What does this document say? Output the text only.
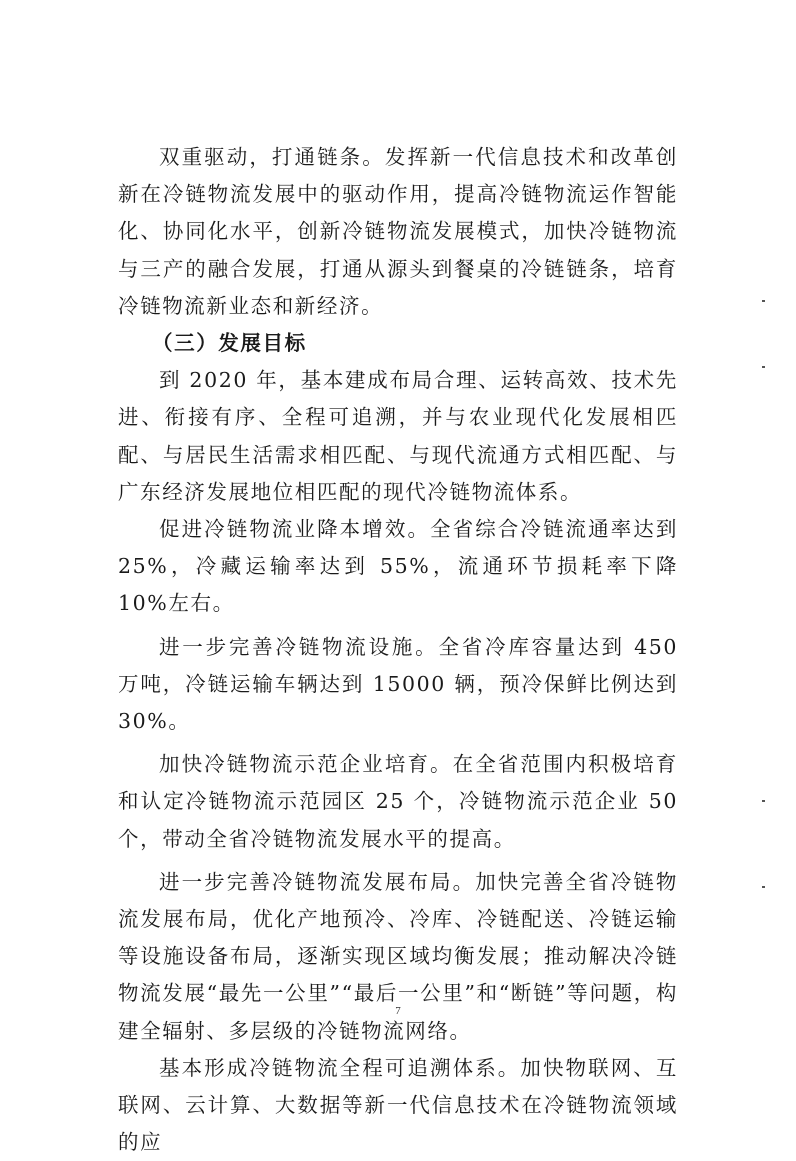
双重驱动，打通链条。发挥新一代信息技术和改革创新在冷链物流发展中的驱动作用，提高冷链物流运作智能化、协同化水平，创新冷链物流发展模式，加快冷链物流与三产的融合发展，打通从源头到餐桌的冷链链条，培育冷链物流新业态和新经济。

（三）发展目标

到 2020 年，基本建成布局合理、运转高效、技术先进、衔接有序、全程可追溯，并与农业现代化发展相匹配、与居民生活需求相匹配、与现代流通方式相匹配、与广东经济发展地位相匹配的现代冷链物流体系。

促进冷链物流业降本增效。全省综合冷链流通率达到 25%，冷藏运输率达到 55%，流通环节损耗率下降 10%左右。

进一步完善冷链物流设施。全省冷库容量达到 450 万吨，冷链运输车辆达到 15000 辆，预冷保鲜比例达到 30%。

加快冷链物流示范企业培育。在全省范围内积极培育和认定冷链物流示范园区 25 个，冷链物流示范企业 50 个，带动全省冷链物流发展水平的提高。

进一步完善冷链物流发展布局。加快完善全省冷链物流发展布局，优化产地预冷、冷库、冷链配送、冷链运输等设施设备布局，逐渐实现区域均衡发展；推动解决冷链物流发展“最先一公里”“最后一公里”和“断链”等问题，构建全辐射、多层级的冷链物流网络。

基本形成冷链物流全程可追溯体系。加快物联网、互联网、云计算、大数据等新一代信息技术在冷链物流领域的应

7
